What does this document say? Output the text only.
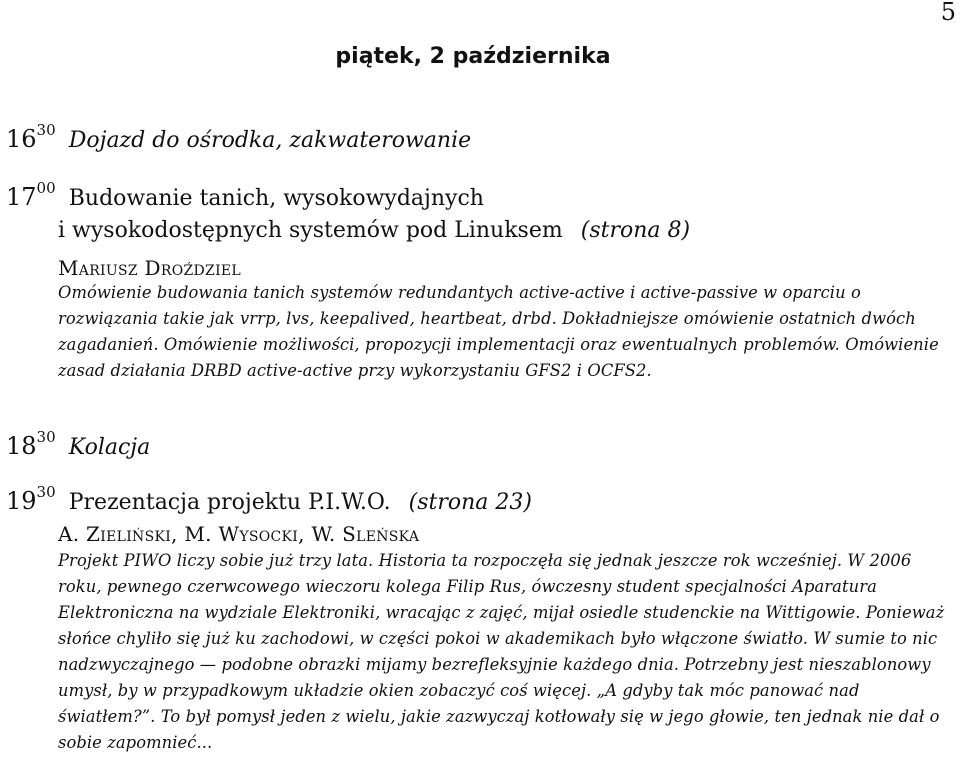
5
piątek, 2 października
$16^{30}$ Dojazd do ośrodka, zakwaterowanie
$17^{00}$ Budowanie tanich, wysokowydajnych
i wysokodostępnych systemów pod Linuksem (strona 8)
Mariusz Droździel

Omówienie budowania tanich systemów redundantych active-active i active-passive w oparciu o rozwiązania takie jak vrrp, lvs, keepalived, heartbeat, drbd. Dokładniejsze omówienie ostatnich dwóch zagadanień. Omówienie możliwości, propozycji implementacji oraz ewentualnych problemów. Omówienie zasad działania DRBD active-active przy wykorzystaniu GFS2 i OCFS2.

$18^{30}$ Kolacja
$19^{30}$ Prezentacja projektu P.I.W.O. (strona 23)
A. Zieliński, M. Wysocki, W. Sleńska

Projekt PIWO liczy sobie już trzy lata. Historia ta rozpoczęła się jednak jeszcze rok wcześniej. W 2006 roku, pewnego czerwcowego wieczoru kolega Filip Rus, ówczesny student specjalności Aparatura Elektroniczna na wydziale Elektroniki, wracając z zajęć, mijał osiedle studenckie na Wittigowie. Ponieważ słońce chyliło się już ku zachodowi, w części pokoi w akademikach było włączone światło. W sumie to nic nadzwyczajnego — podobne obrazki mijamy bezrefleksyjnie każdego dnia. Potrzebny jest nieszablonowy umysł, by w przypadkowym układzie okien zobaczyć coś więcej. „A gdyby tak móc panować nad światłem?”. To był pomysł jeden z wielu, jakie zazwyczaj kotłowały się w jego głowie, ten jednak nie dał o sobie zapomnieć...
